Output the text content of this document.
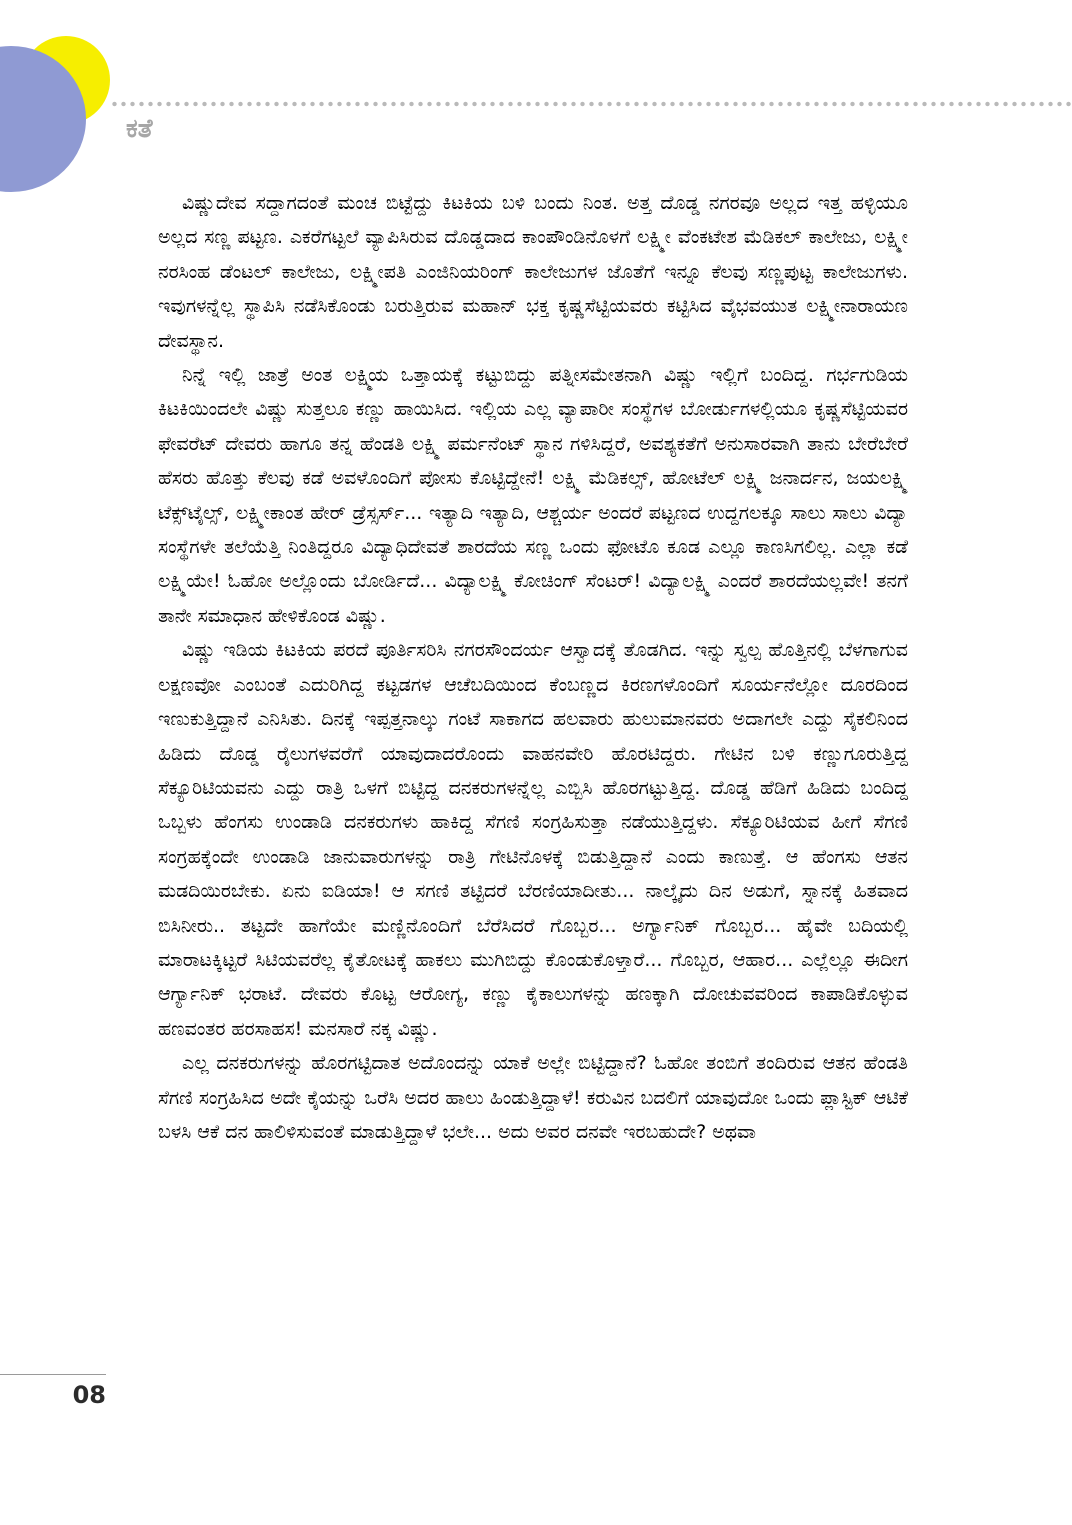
ಕತೆ

ವಿಷ್ಣುದೇವ ಸದ್ದಾಗದಂತೆ ಮಂಚ ಬಿಟ್ಟೆದ್ದು ಕಿಟಕಿಯ ಬಳಿ ಬಂದು ನಿಂತ. ಅತ್ತ ದೊಡ್ಡ ನಗರವೂ ಅಲ್ಲದ ಇತ್ತ ಹಳ್ಳಿಯೂ ಅಲ್ಲದ ಸಣ್ಣ ಪಟ್ಟಣ. ಎಕರೆಗಟ್ಟಲೆ ವ್ಯಾಪಿಸಿರುವ ದೊಡ್ಡದಾದ ಕಾಂಪೌಂಡಿನೊಳಗೆ ಲಕ್ಷ್ಮೀ ವೆಂಕಟೇಶ ಮೆಡಿಕಲ್ ಕಾಲೇಜು, ಲಕ್ಷ್ಮೀ ನರಸಿಂಹ ಡೆಂಟಲ್ ಕಾಲೇಜು, ಲಕ್ಷ್ಮೀಪತಿ ಎಂಜಿನಿಯರಿಂಗ್ ಕಾಲೇಜುಗಳ ಜೊತೆಗೆ ಇನ್ನೂ ಕೆಲವು ಸಣ್ಣಪುಟ್ಟ ಕಾಲೇಜುಗಳು. ಇವುಗಳನ್ನೆಲ್ಲ ಸ್ಥಾಪಿಸಿ ನಡೆಸಿಕೊಂಡು ಬರುತ್ತಿರುವ ಮಹಾನ್ ಭಕ್ತ ಕೃಷ್ಣಸೆಟ್ಟಿಯವರು ಕಟ್ಟಿಸಿದ ವೈಭವಯುತ ಲಕ್ಷ್ಮೀನಾರಾಯಣ ದೇವಸ್ಥಾನ.

ನಿನ್ನೆ ಇಲ್ಲಿ ಜಾತ್ರೆ ಅಂತ ಲಕ್ಷ್ಮಿಯ ಒತ್ತಾಯಕ್ಕೆ ಕಟ್ಟುಬಿದ್ದು ಪತ್ನೀಸಮೇತನಾಗಿ ವಿಷ್ಣು ಇಲ್ಲಿಗೆ ಬಂದಿದ್ದ. ಗರ್ಭಗುಡಿಯ ಕಿಟಕಿಯಿಂದಲೇ ವಿಷ್ಣು ಸುತ್ತಲೂ ಕಣ್ಣು ಹಾಯಿಸಿದ. ಇಲ್ಲಿಯ ಎಲ್ಲ ವ್ಯಾಪಾರೀ ಸಂಸ್ಥೆಗಳ ಬೋರ್ಡುಗಳಲ್ಲಿಯೂ ಕೃಷ್ಣಸೆಟ್ಟಿಯವರ ಫೇವರೆಟ್ ದೇವರು ಹಾಗೂ ತನ್ನ ಹೆಂಡತಿ ಲಕ್ಷ್ಮಿ ಪರ್ಮನೆಂಟ್ ಸ್ಥಾನ ಗಳಿಸಿದ್ದರೆ, ಅವಶ್ಯಕತೆಗೆ ಅನುಸಾರವಾಗಿ ತಾನು ಬೇರೆಬೇರೆ ಹೆಸರು ಹೊತ್ತು ಕೆಲವು ಕಡೆ ಅವಳೊಂದಿಗೆ ಪೋಸು ಕೊಟ್ಟಿದ್ದೇನೆ! ಲಕ್ಷ್ಮಿ ಮೆಡಿಕಲ್ಸ್, ಹೋಟೆಲ್ ಲಕ್ಷ್ಮಿ ಜನಾರ್ದನ, ಜಯಲಕ್ಷ್ಮಿ ಟೆಕ್ಸ್‌ಟೈಲ್ಸ್, ಲಕ್ಷ್ಮೀಕಾಂತ ಹೇರ್ ಡ್ರೆಸ್ಸರ್ಸ್... ಇತ್ಯಾದಿ ಇತ್ಯಾದಿ, ಆಶ್ಚರ್ಯ ಅಂದರೆ ಪಟ್ಟಣದ ಉದ್ದಗಲಕ್ಕೂ ಸಾಲು ಸಾಲು ವಿದ್ಯಾ ಸಂಸ್ಥೆಗಳೇ ತಲೆಯೆತ್ತಿ ನಿಂತಿದ್ದರೂ ವಿದ್ಯಾಧಿದೇವತೆ ಶಾರದೆಯ ಸಣ್ಣ ಒಂದು ಫೋಟೊ ಕೂಡ ಎಲ್ಲೂ ಕಾಣಸಿಗಲಿಲ್ಲ. ಎಲ್ಲಾ ಕಡೆ ಲಕ್ಷ್ಮಿಯೇ! ಓಹೋ ಅಲ್ಲೊಂದು ಬೋರ್ಡಿದೆ... ವಿದ್ಯಾಲಕ್ಷ್ಮಿ ಕೋಚಿಂಗ್ ಸೆಂಟರ್! ವಿದ್ಯಾಲಕ್ಷ್ಮಿ ಎಂದರೆ ಶಾರದೆಯಲ್ಲವೇ! ತನಗೆ ತಾನೇ ಸಮಾಧಾನ ಹೇಳಿಕೊಂಡ ವಿಷ್ಣು.

ವಿಷ್ಣು ಇಡಿಯ ಕಿಟಕಿಯ ಪರದೆ ಪೂರ್ತಿಸರಿಸಿ ನಗರಸೌಂದರ್ಯ ಆಸ್ವಾದಕ್ಕೆ ತೊಡಗಿದ. ಇನ್ನು ಸ್ವಲ್ಪ ಹೊತ್ತಿನಲ್ಲಿ ಬೆಳಗಾಗುವ ಲಕ್ಷಣವೋ ಎಂಬಂತೆ ಎದುರಿಗಿದ್ದ ಕಟ್ಟಡಗಳ ಆಚೆಬದಿಯಿಂದ ಕೆಂಬಣ್ಣದ ಕಿರಣಗಳೊಂದಿಗೆ ಸೂರ್ಯನೆಲ್ಲೋ ದೂರದಿಂದ ಇಣುಕುತ್ತಿದ್ದಾನೆ ಎನಿಸಿತು. ದಿನಕ್ಕೆ ಇಪ್ಪತ್ತನಾಲ್ಕು ಗಂಟೆ ಸಾಕಾಗದ ಹಲವಾರು ಹುಲುಮಾನವರು ಅದಾಗಲೇ ಎದ್ದು ಸೈಕಲಿನಿಂದ ಹಿಡಿದು ದೊಡ್ಡ ರೈಲುಗಳವರೆಗೆ ಯಾವುದಾದರೊಂದು ವಾಹನವೇರಿ ಹೊರಟಿದ್ದರು. ಗೇಟಿನ ಬಳಿ ಕಣ್ಣುಗೂರುತ್ತಿದ್ದ ಸೆಕ್ಯೂರಿಟಿಯವನು ಎದ್ದು ರಾತ್ರಿ ಒಳಗೆ ಬಿಟ್ಟಿದ್ದ ದನಕರುಗಳನ್ನೆಲ್ಲ ಎಬ್ಬಿಸಿ ಹೊರಗಟ್ಟುತ್ತಿದ್ದ. ದೊಡ್ಡ ಹೆಡಿಗೆ ಹಿಡಿದು ಬಂದಿದ್ದ ಒಬ್ಬಳು ಹೆಂಗಸು ಉಂಡಾಡಿ ದನಕರುಗಳು ಹಾಕಿದ್ದ ಸೆಗಣಿ ಸಂಗ್ರಹಿಸುತ್ತಾ ನಡೆಯುತ್ತಿದ್ದಳು. ಸೆಕ್ಯೂರಿಟಿಯವ ಹೀಗೆ ಸೆಗಣಿ ಸಂಗ್ರಹಕ್ಕೆಂದೇ ಉಂಡಾಡಿ ಜಾನುವಾರುಗಳನ್ನು ರಾತ್ರಿ ಗೇಟಿನೊಳಕ್ಕೆ ಬಿಡುತ್ತಿದ್ದಾನೆ ಎಂದು ಕಾಣುತ್ತೆ. ಆ ಹೆಂಗಸು ಆತನ ಮಡದಿಯಿರಬೇಕು. ಏನು ಐಡಿಯಾ! ಆ ಸಗಣಿ ತಟ್ಟಿದರೆ ಬೆರಣಿಯಾದೀತು... ನಾಲ್ಕೈದು ದಿನ ಅಡುಗೆ, ಸ್ನಾನಕ್ಕೆ ಹಿತವಾದ ಬಿಸಿನೀರು.. ತಟ್ಟದೇ ಹಾಗೆಯೇ ಮಣ್ಣಿನೊಂದಿಗೆ ಬೆರೆಸಿದರೆ ಗೊಬ್ಬರ... ಅರ್ಗ್ಯಾನಿಕ್ ಗೊಬ್ಬರ... ಹೈವೇ ಬದಿಯಲ್ಲಿ ಮಾರಾಟಕ್ಕಿಟ್ಟರೆ ಸಿಟಿಯವರೆಲ್ಲ ಕೈತೋಟಕ್ಕೆ ಹಾಕಲು ಮುಗಿಬಿದ್ದು ಕೊಂಡುಕೊಳ್ತಾರೆ... ಗೊಬ್ಬರ, ಆಹಾರ... ಎಲ್ಲೆಲ್ಲೂ ಈದೀಗ ಆರ್ಗ್ಯಾನಿಕ್ ಭರಾಟೆ. ದೇವರು ಕೊಟ್ಟ ಆರೋಗ್ಯ, ಕಣ್ಣು ಕೈಕಾಲುಗಳನ್ನು ಹಣಕ್ಕಾಗಿ ದೋಚುವವರಿಂದ ಕಾಪಾಡಿಕೊಳ್ಳುವ ಹಣವಂತರ ಹರಸಾಹಸ! ಮನಸಾರೆ ನಕ್ಕ ವಿಷ್ಣು.

ಎಲ್ಲ ದನಕರುಗಳನ್ನು ಹೊರಗಟ್ಟಿದಾತ ಅದೊಂದನ್ನು ಯಾಕೆ ಅಲ್ಲೇ ಬಿಟ್ಟಿದ್ದಾನೆ? ಓಹೋ ತಂಬಿಗೆ ತಂದಿರುವ ಆತನ ಹೆಂಡತಿ ಸೆಗಣಿ ಸಂಗ್ರಹಿಸಿದ ಅದೇ ಕೈಯನ್ನು ಒರೆಸಿ ಅದರ ಹಾಲು ಹಿಂಡುತ್ತಿದ್ದಾಳೆ! ಕರುವಿನ ಬದಲಿಗೆ ಯಾವುದೋ ಒಂದು ಪ್ಲಾಸ್ಟಿಕ್ ಆಟಿಕೆ ಬಳಸಿ ಆಕೆ ದನ ಹಾಲಿಳಿಸುವಂತೆ ಮಾಡುತ್ತಿದ್ದಾಳೆ ಭಲೇ... ಅದು ಅವರ ದನವೇ ಇರಬಹುದೇ? ಅಥವಾ

08
